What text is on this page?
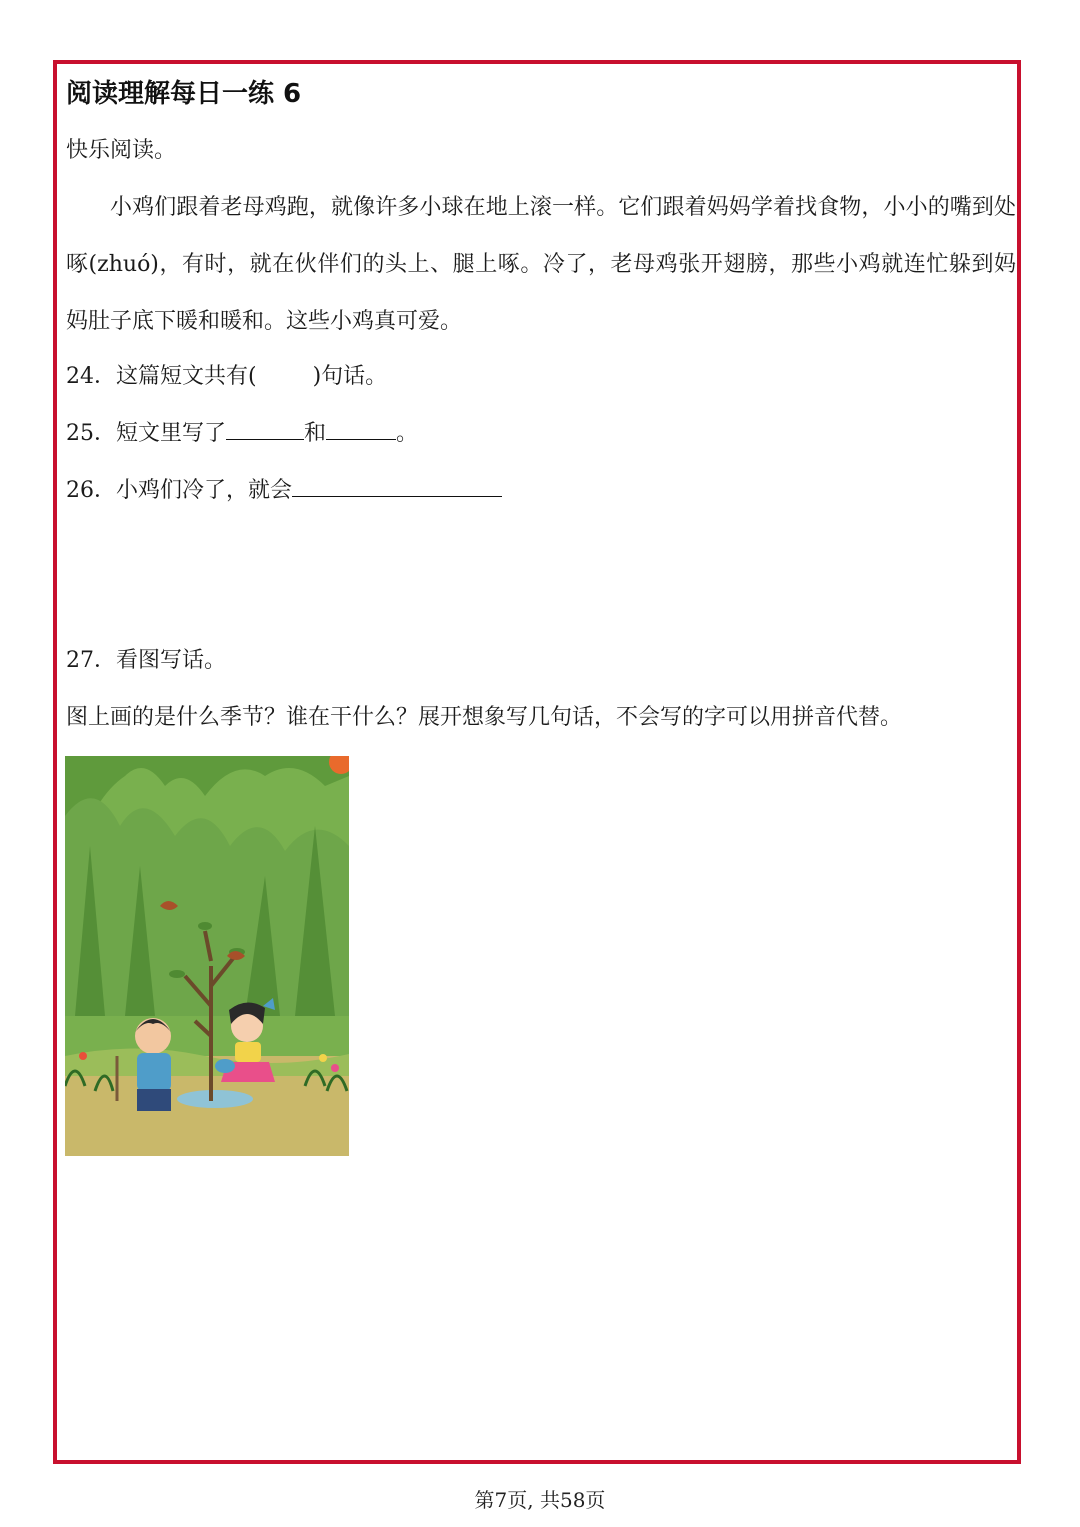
阅读理解每日一练 6
快乐阅读。

小鸡们跟着老母鸡跑，就像许多小球在地上滚一样。它们跟着妈妈学着找食物，小小的嘴到处啄(zhuó)，有时，就在伙伴们的头上、腿上啄。冷了，老母鸡张开翅膀，那些小鸡就连忙躲到妈妈肚子底下暖和暖和。这些小鸡真可爱。

24．这篇短文共有(	)句话。
25．短文里写了	和	。
26．小鸡们冷了，就会
27．看图写话。
图上画的是什么季节？谁在干什么？展开想象写几句话，不会写的字可以用拼音代替。
第7页, 共58页
